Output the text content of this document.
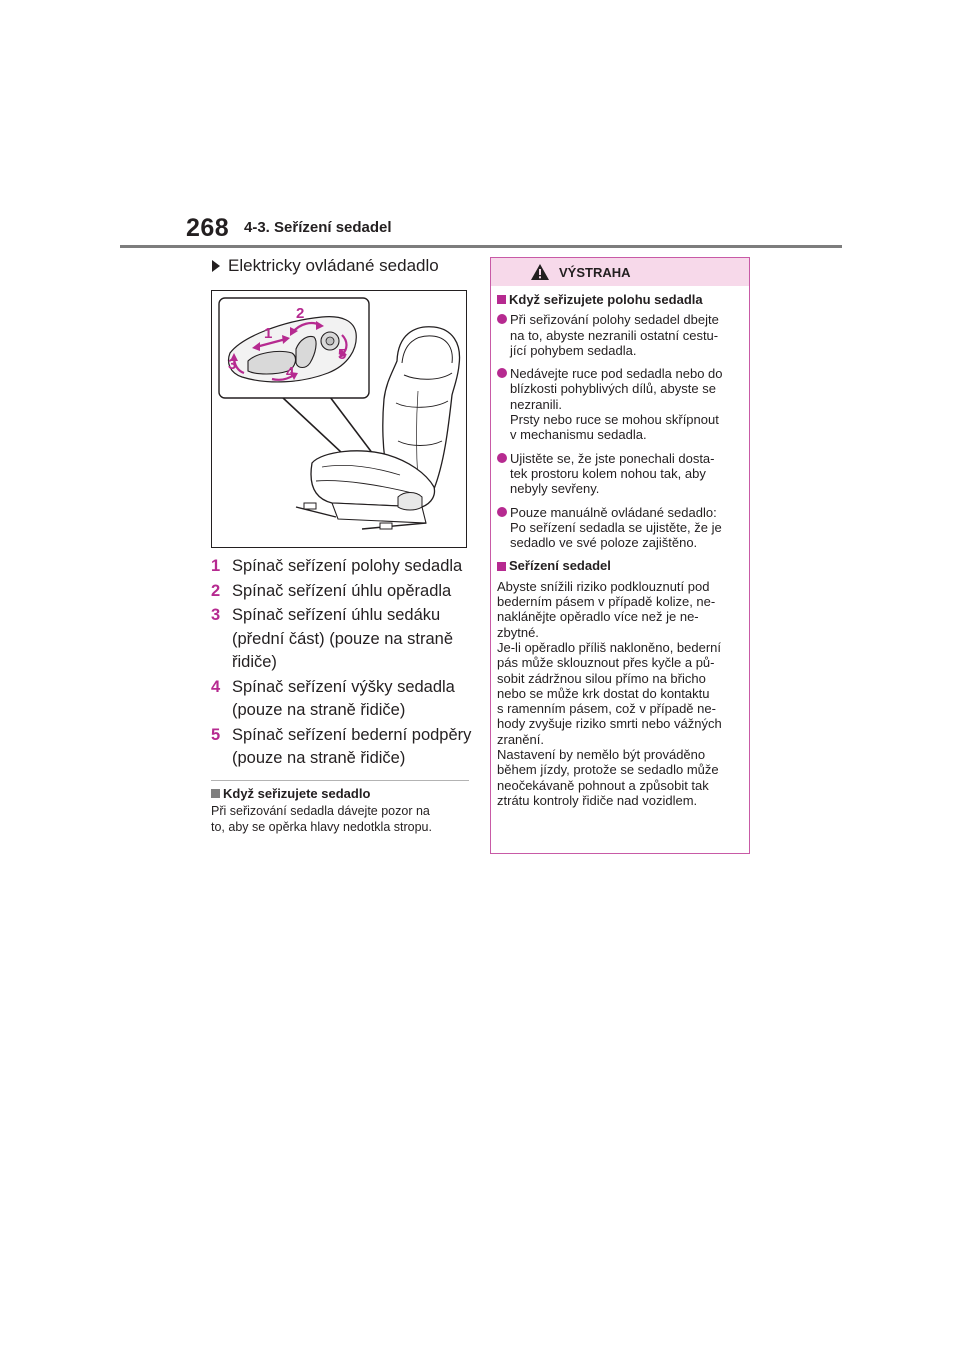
268 4-3. Seřízení sedadel
Elektricky ovládané sedadlo
1
2
3	4
5
1 Spínač seřízení polohy sedadla
2 Spínač seřízení úhlu opěradla
3 Spínač seřízení úhlu sedáku
(přední část) (pouze na straně
řidiče)
4 Spínač seřízení výšky sedadla
(pouze na straně řidiče)
5 Spínač seřízení bederní podpěry
(pouze na straně řidiče)
Když seřizujete sedadlo
Při seřizování sedadla dávejte pozor na
to, aby se opěrka hlavy nedotkla stropu.
VÝSTRAHA
Když seřizujete polohu sedadla
Při seřizování polohy sedadel dbejte
na to, abyste nezranili ostatní cestu-
jící pohybem sedadla.
Nedávejte ruce pod sedadla nebo do
blízkosti pohyblivých dílů, abyste se
nezranili.
Prsty nebo ruce se mohou skřípnout
v mechanismu sedadla.
Ujistěte se, že jste ponechali dosta-
tek prostoru kolem nohou tak, aby
nebyly sevřeny.
Pouze manuálně ovládané sedadlo:
Po seřízení sedadla se ujistěte, že je
sedadlo ve své poloze zajištěno.
Seřízení sedadel
Abyste snížili riziko podklouznutí pod
bederním pásem v případě kolize, ne-
naklánějte opěradlo více než je ne-
zbytné.
Je-li opěradlo příliš nakloněno, bederní
pás může sklouznout přes kyčle a pů-
sobit zádržnou silou přímo na břicho
nebo se může krk dostat do kontaktu
s ramenním pásem, což v případě ne-
hody zvyšuje riziko smrti nebo vážných
zranění.
Nastavení by nemělo být prováděno
během jízdy, protože se sedadlo může
neočekávaně pohnout a způsobit tak
ztrátu kontroly řidiče nad vozidlem.
